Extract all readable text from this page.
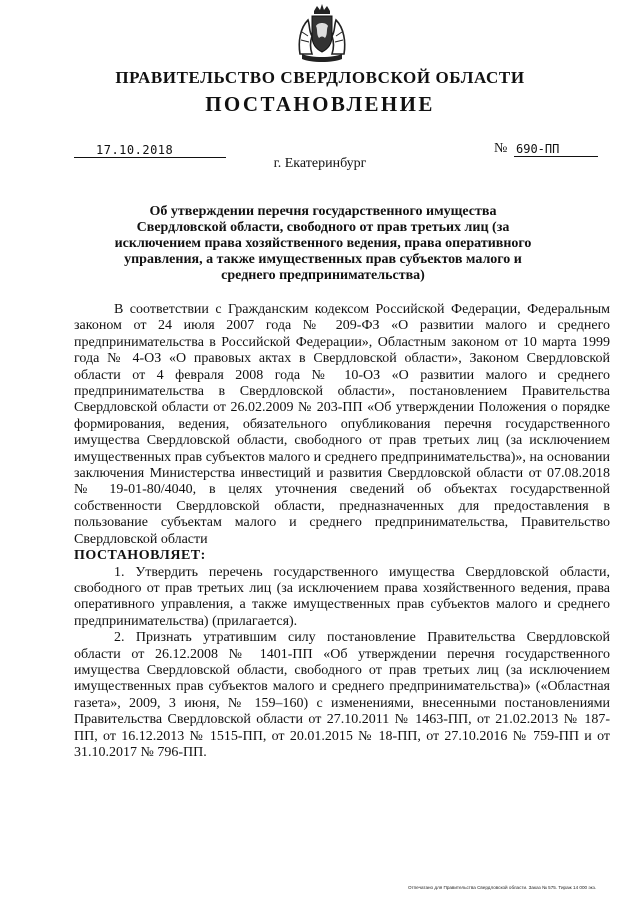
ПРАВИТЕЛЬСТВО СВЕРДЛОВСКОЙ ОБЛАСТИ
ПОСТАНОВЛЕНИЕ
17.10.2018	№ 690-ПП
г. Екатеринбург
Об утверждении перечня государственного имущества Свердловской области, свободного от прав третьих лиц (за исключением права хозяйственного ведения, права оперативного управления, а также имущественных прав субъектов малого и среднего предпринимательства)

В соответствии с Гражданским кодексом Российской Федерации, Федеральным законом от 24 июля 2007 года № 209-ФЗ «О развитии малого и среднего предпринимательства в Российской Федерации», Областным законом от 10 марта 1999 года № 4-ОЗ «О правовых актах в Свердловской области», Законом Свердловской области от 4 февраля 2008 года № 10-ОЗ «О развитии малого и среднего предпринимательства в Свердловской области», постановлением Правительства Свердловской области от 26.02.2009 № 203-ПП «Об утверждении Положения о порядке формирования, ведения, обязательного опубликования перечня государственного имущества Свердловской области, свободного от прав третьих лиц (за исключением имущественных прав субъектов малого и среднего предпринимательства)», на основании заключения Министерства инвестиций и развития Свердловской области от 07.08.2018 № 19-01-80/4040, в целях уточнения сведений об объектах государственной собственности Свердловской области, предназначенных для предоставления в пользование субъектам малого и среднего предпринимательства, Правительство Свердловской области

ПОСТАНОВЛЯЕТ:

1. Утвердить перечень государственного имущества Свердловской области, свободного от прав третьих лиц (за исключением права хозяйственного ведения, права оперативного управления, а также имущественных прав субъектов малого и среднего предпринимательства) (прилагается).

2. Признать утратившим силу постановление Правительства Свердловской области от 26.12.2008 № 1401-ПП «Об утверждении перечня государственного имущества Свердловской области, свободного от прав третьих лиц (за исключением имущественных прав субъектов малого и среднего предпринимательства)» («Областная газета», 2009, 3 июня, № 159–160) с изменениями, внесенными постановлениями Правительства Свердловской области от 27.10.2011 № 1463-ПП, от 21.02.2013 № 187-ПП, от 16.12.2013 № 1515-ПП, от 20.01.2015 № 18-ПП, от 27.10.2016 № 759-ПП и от 31.10.2017 № 796-ПП.

Отпечатано для Правительства Свердловской области. Заказ № 575. Тираж 14 000 экз.
